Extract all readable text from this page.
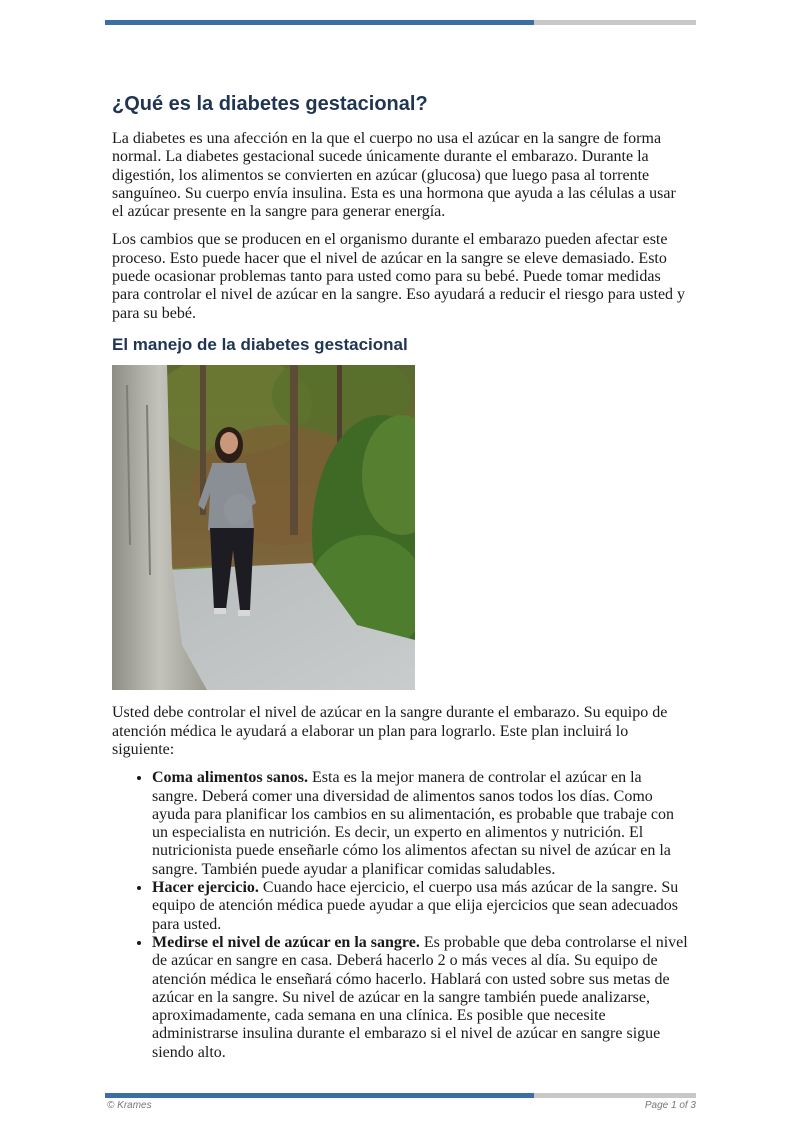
¿Qué es la diabetes gestacional?

La diabetes es una afección en la que el cuerpo no usa el azúcar en la sangre de forma normal. La diabetes gestacional sucede únicamente durante el embarazo. Durante la digestión, los alimentos se convierten en azúcar (glucosa) que luego pasa al torrente sanguíneo. Su cuerpo envía insulina. Esta es una hormona que ayuda a las células a usar el azúcar presente en la sangre para generar energía.

Los cambios que se producen en el organismo durante el embarazo pueden afectar este proceso. Esto puede hacer que el nivel de azúcar en la sangre se eleve demasiado. Esto puede ocasionar problemas tanto para usted como para su bebé. Puede tomar medidas para controlar el nivel de azúcar en la sangre. Eso ayudará a reducir el riesgo para usted y para su bebé.

El manejo de la diabetes gestacional

Usted debe controlar el nivel de azúcar en la sangre durante el embarazo. Su equipo de atención médica le ayudará a elaborar un plan para lograrlo. Este plan incluirá lo siguiente:

• Coma alimentos sanos. Esta es la mejor manera de controlar el azúcar en la sangre. Deberá comer una diversidad de alimentos sanos todos los días. Como ayuda para planificar los cambios en su alimentación, es probable que trabaje con un especialista en nutrición. Es decir, un experto en alimentos y nutrición. El nutricionista puede enseñarle cómo los alimentos afectan su nivel de azúcar en la sangre. También puede ayudar a planificar comidas saludables.
• Hacer ejercicio. Cuando hace ejercicio, el cuerpo usa más azúcar de la sangre. Su equipo de atención médica puede ayudar a que elija ejercicios que sean adecuados para usted.
• Medirse el nivel de azúcar en la sangre. Es probable que deba controlarse el nivel de azúcar en sangre en casa. Deberá hacerlo 2 o más veces al día. Su equipo de atención médica le enseñará cómo hacerlo. Hablará con usted sobre sus metas de azúcar en la sangre. Su nivel de azúcar en la sangre también puede analizarse, aproximadamente, cada semana en una clínica. Es posible que necesite administrarse insulina durante el embarazo si el nivel de azúcar en sangre sigue siendo alto.
© Krames	Page 1 of 3
